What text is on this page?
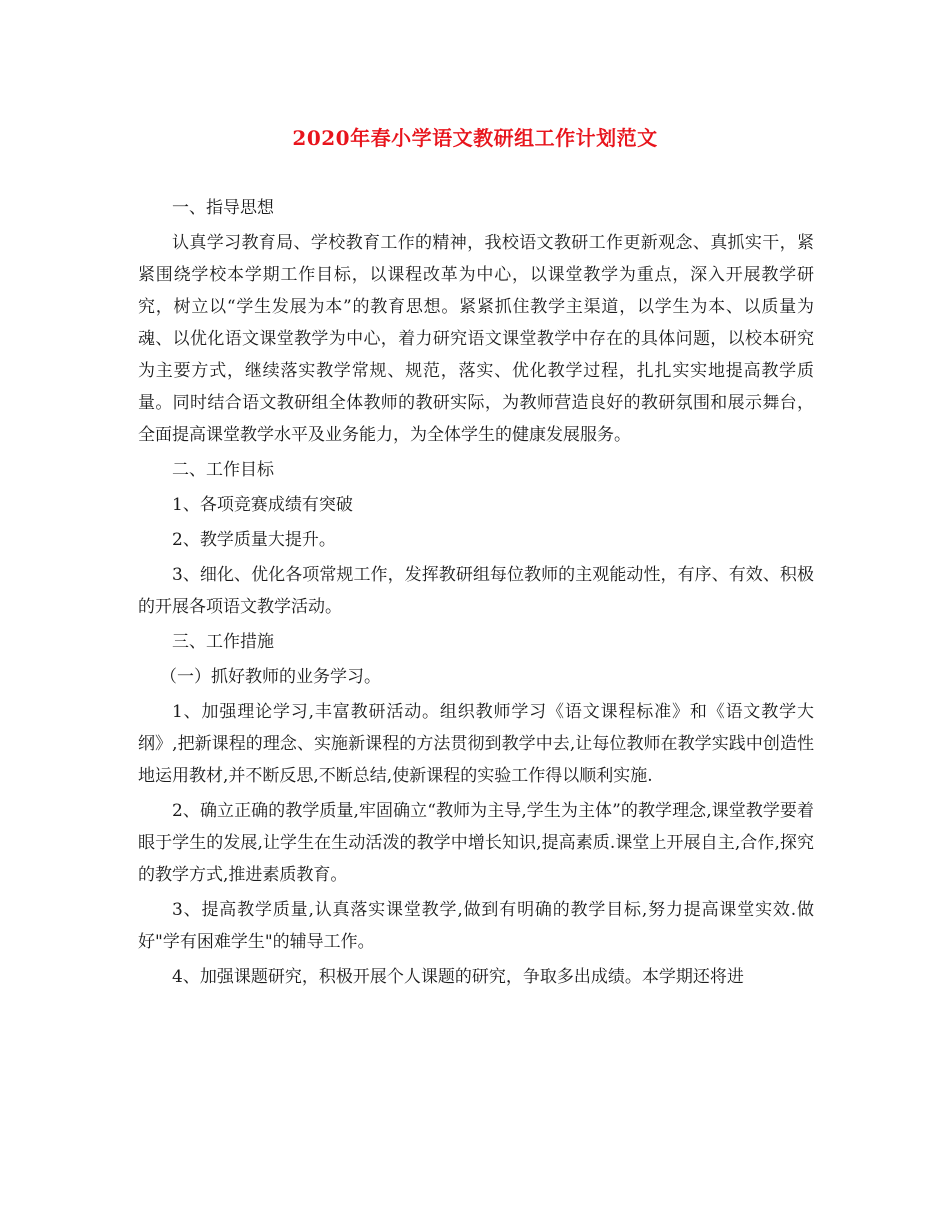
2020年春小学语文教研组工作计划范文

一、指导思想

认真学习教育局、学校教育工作的精神，我校语文教研工作更新观念、真抓实干，紧紧围绕学校本学期工作目标，以课程改革为中心，以课堂教学为重点，深入开展教学研究，树立以“学生发展为本”的教育思想。紧紧抓住教学主渠道，以学生为本、以质量为魂、以优化语文课堂教学为中心，着力研究语文课堂教学中存在的具体问题，以校本研究为主要方式，继续落实教学常规、规范，落实、优化教学过程，扎扎实实地提高教学质量。同时结合语文教研组全体教师的教研实际，为教师营造良好的教研氛围和展示舞台，全面提高课堂教学水平及业务能力，为全体学生的健康发展服务。

二、工作目标

1、各项竞赛成绩有突破

2、教学质量大提升。

3、细化、优化各项常规工作，发挥教研组每位教师的主观能动性，有序、有效、积极的开展各项语文教学活动。

三、工作措施

（一）抓好教师的业务学习。

1、加强理论学习,丰富教研活动。组织教师学习《语文课程标准》和《语文教学大纲》,把新课程的理念、实施新课程的方法贯彻到教学中去,让每位教师在教学实践中创造性地运用教材,并不断反思,不断总结,使新课程的实验工作得以顺利实施.

2、确立正确的教学质量,牢固确立“教师为主导,学生为主体”的教学理念,课堂教学要着眼于学生的发展,让学生在生动活泼的教学中增长知识,提高素质.课堂上开展自主,合作,探究的教学方式,推进素质教育。

3、提高教学质量,认真落实课堂教学,做到有明确的教学目标,努力提高课堂实效.做好"学有困难学生"的辅导工作。

4、加强课题研究，积极开展个人课题的研究，争取多出成绩。本学期还将进
